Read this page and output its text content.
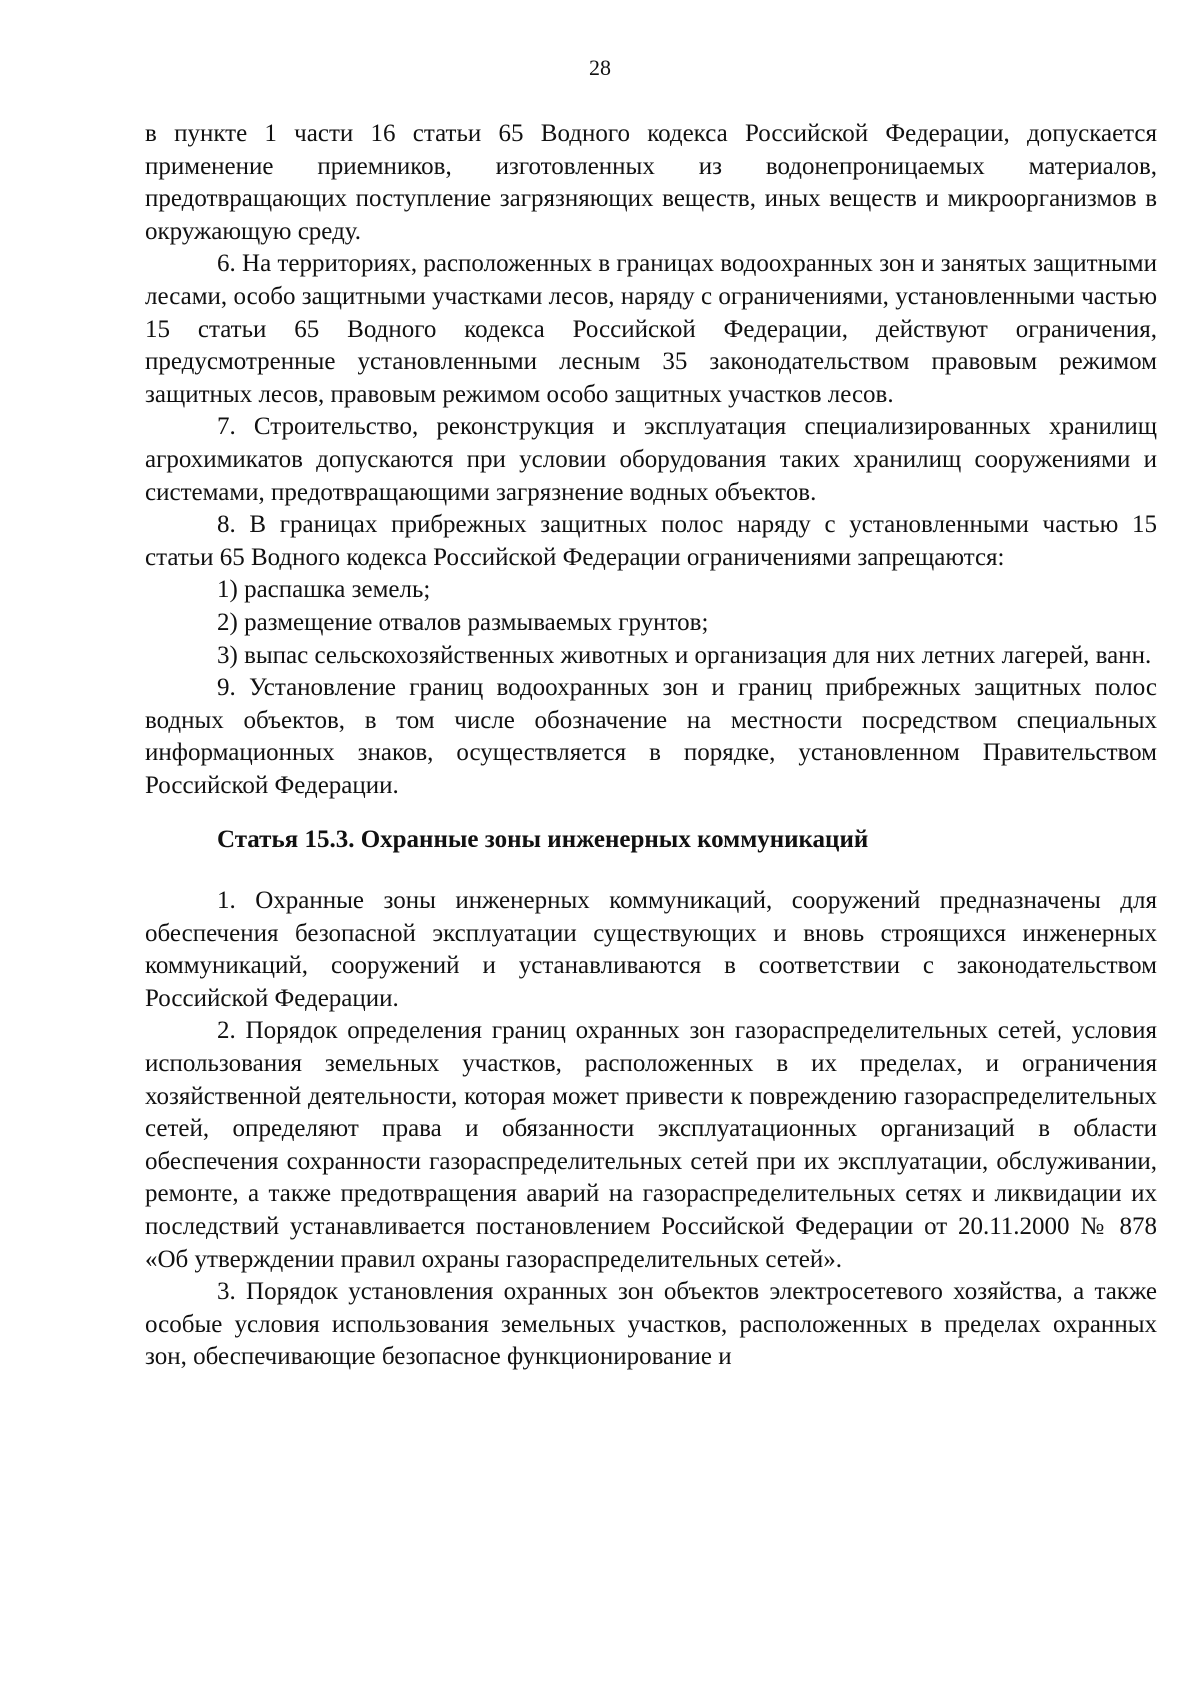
28

в пункте 1 части 16 статьи 65 Водного кодекса Российской Федерации, допускается применение приемников, изготовленных из водонепроницаемых материалов, предотвращающих поступление загрязняющих веществ, иных веществ и микроорганизмов в окружающую среду.

6. На территориях, расположенных в границах водоохранных зон и занятых защитными лесами, особо защитными участками лесов, наряду с ограничениями, установленными частью 15 статьи 65 Водного кодекса Российской Федерации, действуют ограничения, предусмотренные установленными лесным 35 законодательством правовым режимом защитных лесов, правовым режимом особо защитных участков лесов.

7. Строительство, реконструкция и эксплуатация специализированных хранилищ агрохимикатов допускаются при условии оборудования таких хранилищ сооружениями и системами, предотвращающими загрязнение водных объектов.

8. В границах прибрежных защитных полос наряду с установленными частью 15 статьи 65 Водного кодекса Российской Федерации ограничениями запрещаются:

1) распашка земель;

2) размещение отвалов размываемых грунтов;

3) выпас сельскохозяйственных животных и организация для них летних лагерей, ванн.

9. Установление границ водоохранных зон и границ прибрежных защитных полос водных объектов, в том числе обозначение на местности посредством специальных информационных знаков, осуществляется в порядке, установленном Правительством Российской Федерации.

Статья 15.3. Охранные зоны инженерных коммуникаций

1. Охранные зоны инженерных коммуникаций, сооружений предназначены для обеспечения безопасной эксплуатации существующих и вновь строящихся инженерных коммуникаций, сооружений и устанавливаются в соответствии с законодательством Российской Федерации.

2. Порядок определения границ охранных зон газораспределительных сетей, условия использования земельных участков, расположенных в их пределах, и ограничения хозяйственной деятельности, которая может привести к повреждению газораспределительных сетей, определяют права и обязанности эксплуатационных организаций в области обеспечения сохранности газораспределительных сетей при их эксплуатации, обслуживании, ремонте, а также предотвращения аварий на газораспределительных сетях и ликвидации их последствий устанавливается постановлением Российской Федерации от 20.11.2000 № 878 «Об утверждении правил охраны газораспределительных сетей».

3. Порядок установления охранных зон объектов электросетевого хозяйства, а также особые условия использования земельных участков, расположенных в пределах охранных зон, обеспечивающие безопасное функционирование и
